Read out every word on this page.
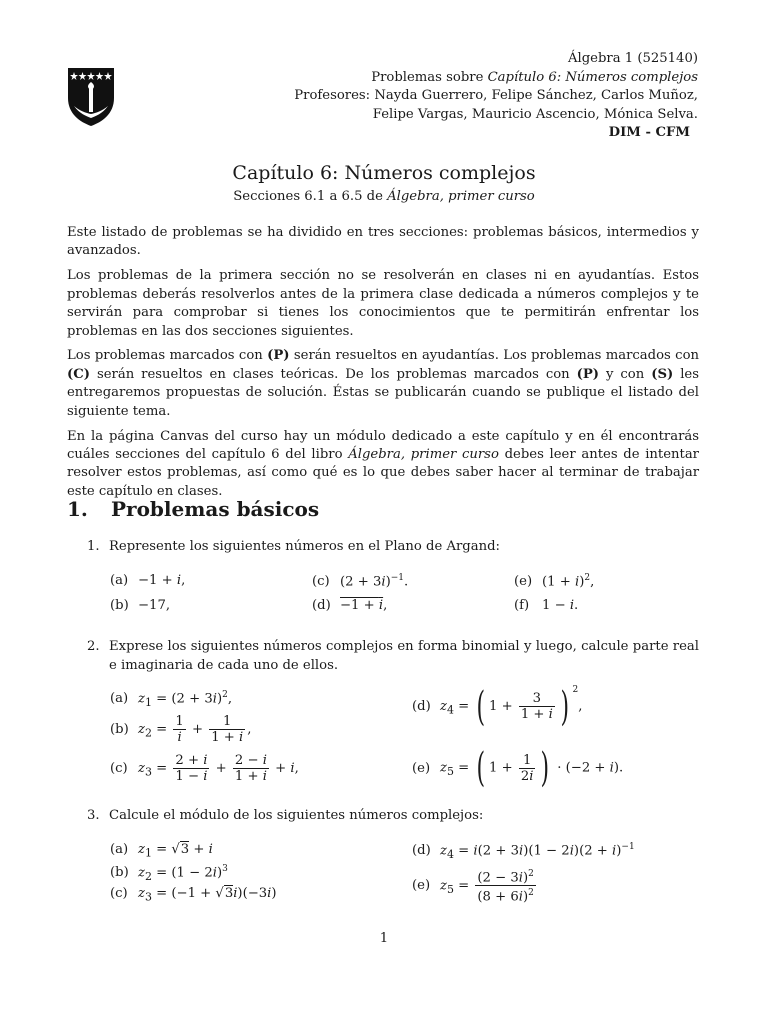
Álgebra 1 (525140)
Problemas sobre Capítulo 6: Números complejos
Profesores: Nayda Guerrero, Felipe Sánchez, Carlos Muñoz,
Felipe Vargas, Mauricio Ascencio, Mónica Selva.
DIM - CFM
Capítulo 6: Números complejos
Secciones 6.1 a 6.5 de Álgebra, primer curso

Este listado de problemas se ha dividido en tres secciones: problemas básicos, intermedios y avanzados.

Los problemas de la primera sección no se resolverán en clases ni en ayudantías. Estos problemas deberás resolverlos antes de la primera clase dedicada a números complejos y te servirán para comprobar si tienes los conocimientos que te permitirán enfrentar los problemas en las dos secciones siguientes.

Los problemas marcados con (P) serán resueltos en ayudantías. Los problemas marcados con (C) serán resueltos en clases teóricas. De los problemas marcados con (P) y con (S) les entregaremos propuestas de solución. Éstas se publicarán cuando se publique el listado del siguiente tema.

En la página Canvas del curso hay un módulo dedicado a este capítulo y en él encontrarás cuáles secciones del capítulo 6 del libro Álgebra, primer curso debes leer antes de intentar resolver estos problemas, así como qué es lo que debes saber hacer al terminar de trabajar este capítulo en clases.

1. Problemas básicos
1. Represente los siguientes números en el Plano de Argand:
(a) −1 + i,	(c) $(2 + 3i)^{-1}$.	(e) $(1 + i)^2$,
(b) −17,	(d) −1 + i,	(f) 1 − i.
2. Exprese los siguientes números complejos en forma binomial y luego, calcule parte real e imaginaria de cada uno de ellos.
(a) $z_1 = (2 + 3i)^2$,
(b) $z_2 = \frac{1}{i} + \frac{1}{1 + i}$ ,
(c) $z_3 = \frac{2 + i}{1 - i} + \frac{2 - i}{1 + i} + i$,
(d) $z_4$ = ( $1 + \frac{3}{1 + i}$ ) $^2$,
(e) $z_5$ = ( $1 + \frac{1}{2i}$ ) · (−2 + i).
3. Calcule el módulo de los siguientes números complejos:
(a) $z_1 = √3 + i$
(b) $z_2 = (1 - 2i)^3$
(c) $z_3 = (-1 + √3i)(-3i)$
(d) $z_4 = i(2 + 3i)(1 - 2i)(2 + i)^{-1}$
(e) $z_5 = \frac{(2 - 3i)^2}{(8 + 6i)^2}$
1
